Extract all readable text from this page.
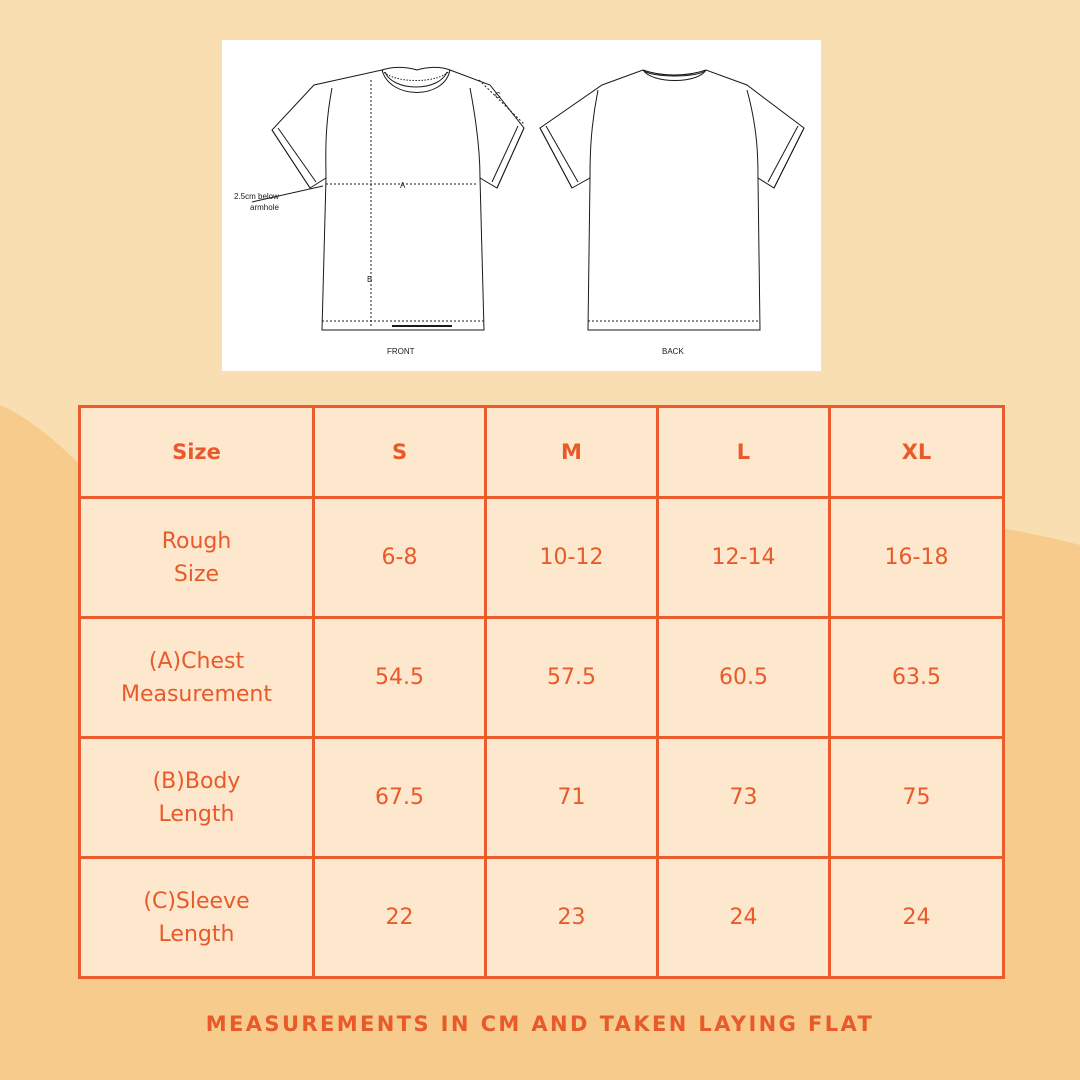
A
B
C
2.5cm below
armhole
FRONT	BACK
Size	S	M	L	XL

Rough
Size	6-8	10-12	12-14	16-18

(A)Chest
Measurement	54.5	57.5	60.5	63.5

(B)Body
Length	67.5	71	73	75

(C)Sleeve
Length	22	23	24	24
MEASUREMENTS IN CM AND TAKEN LAYING FLAT
